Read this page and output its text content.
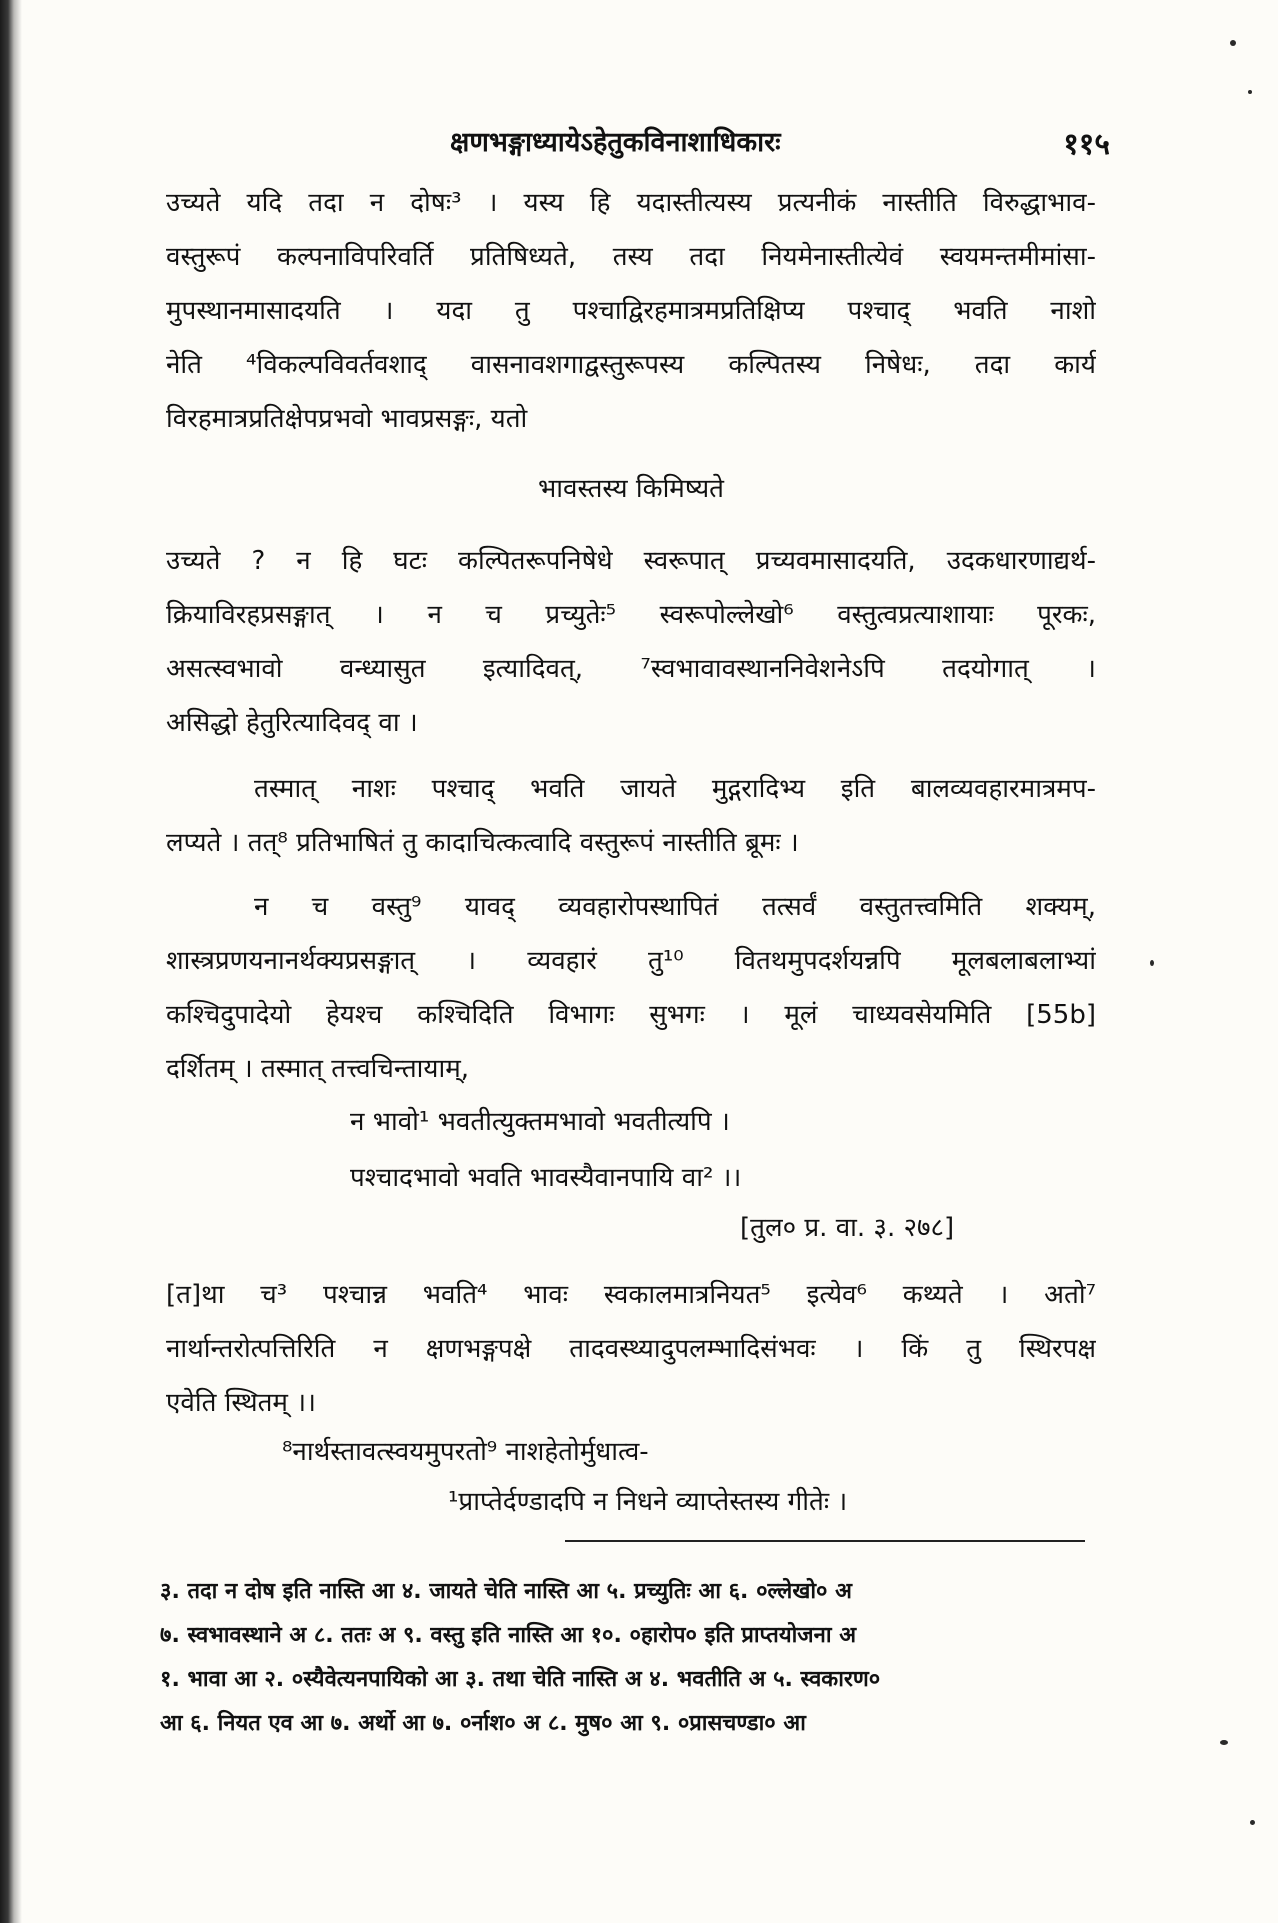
क्षणभङ्गाध्यायेऽहेतुकविनाशाधिकारः	११५
उच्यते यदि तदा न दोषः³ । यस्य हि यदास्तीत्यस्य प्रत्यनीकं नास्तीति विरुद्धाभाव-
वस्तुरूपं कल्पनाविपरिवर्ति प्रतिषिध्यते, तस्य तदा नियमेनास्तीत्येवं स्वयमन्तमीमांसा-
मुपस्थानमासादयति । यदा तु पश्चाद्विरहमात्रमप्रतिक्षिप्य पश्चाद् भवति नाशो
नेति ⁴विकल्पविवर्तवशाद् वासनावशगाद्वस्तुरूपस्य कल्पितस्य निषेधः, तदा कार्य
विरहमात्रप्रतिक्षेपप्रभवो भावप्रसङ्गः, यतो
भावस्तस्य किमिष्यते
उच्यते ? न हि घटः कल्पितरूपनिषेधे स्वरूपात् प्रच्यवमासादयति, उदकधारणाद्यर्थ-
क्रियाविरहप्रसङ्गात् । न च प्रच्युतेः⁵ स्वरूपोल्लेखो⁶ वस्तुत्वप्रत्याशायाः पूरकः,
असत्स्वभावो वन्ध्यासुत इत्यादिवत्, ⁷स्वभावावस्थाननिवेशनेऽपि तदयोगात् ।
असिद्धो हेतुरित्यादिवद् वा ।
तस्मात् नाशः पश्चाद् भवति जायते मुद्गरादिभ्य इति बालव्यवहारमात्रमप-
लप्यते । तत्⁸ प्रतिभाषितं तु कादाचित्कत्वादि वस्तुरूपं नास्तीति ब्रूमः ।
न च वस्तु⁹ यावद् व्यवहारोपस्थापितं तत्सर्वं वस्तुतत्त्वमिति शक्यम्,
शास्त्रप्रणयनानर्थक्यप्रसङ्गात् । व्यवहारं तु¹⁰ वितथमुपदर्शयन्नपि मूलबलाबलाभ्यां
कश्चिदुपादेयो हेयश्च कश्चिदिति विभागः सुभगः । मूलं चाध्यवसेयमिति [55b]
दर्शितम् । तस्मात् तत्त्वचिन्तायाम्,
न भावो¹ भवतीत्युक्तमभावो भवतीत्यपि ।
पश्चादभावो भवति भावस्यैवानपायि वा² ।।
[तुल० प्र. वा. ३. २७८]
[त]था च³ पश्चान्न भवति⁴ भावः स्वकालमात्रनियत⁵ इत्येव⁶ कथ्यते । अतो⁷
नार्थान्तरोत्पत्तिरिति न क्षणभङ्गपक्षे तादवस्थ्यादुपलम्भादिसंभवः । किं तु स्थिरपक्ष
एवेति स्थितम् ।।
⁸नार्थस्तावत्स्वयमुपरतो⁹ नाशहेतोर्मुधात्व-
¹प्राप्तेर्दण्डादपि न निधने व्याप्तेस्तस्य गीतेः ।
३. तदा न दोष इति नास्ति आ ४. जायते चेति नास्ति आ ५. प्रच्युतिः आ ६. ०ल्लेखो० अ
७. स्वभावस्थाने अ ८. ततः अ ९. वस्तु इति नास्ति आ १०. ०हारोप० इति प्राप्तयोजना अ
१. भावा आ २. ०स्यैवेत्यनपायिको आ ३. तथा चेति नास्ति अ ४. भवतीति अ ५. स्वकारण०
आ ६. नियत एव आ ७. अर्थो आ ७. ०र्नाश० अ ८. मुष० आ ९. ०प्रासचण्डा० आ
